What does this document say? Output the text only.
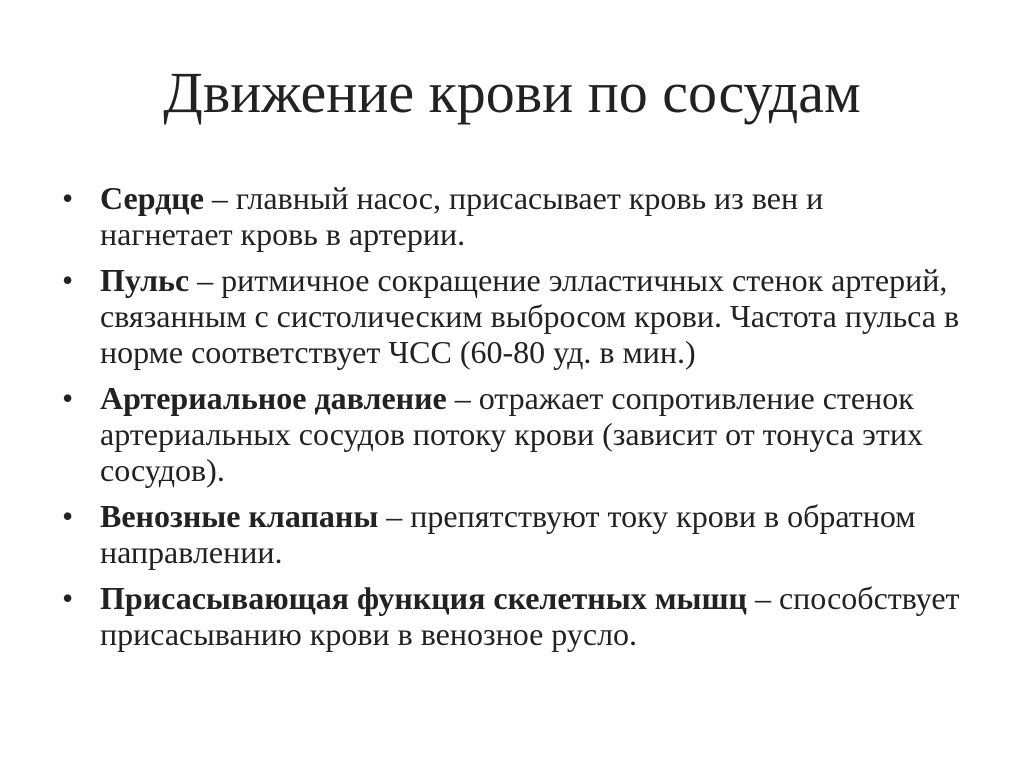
Движение крови по сосудам
• Сердце – главный насос, присасывает кровь из вен и нагнетает кровь в артерии.
• Пульс – ритмичное сокращение элластичных стенок артерий, связанным с систолическим выбросом крови. Частота пульса в норме соответствует ЧСС (60-80 уд. в мин.)
• Артериальное давление – отражает сопротивление стенок артериальных сосудов потоку крови (зависит от тонуса этих сосудов).
• Венозные клапаны – препятствуют току крови в обратном направлении.
• Присасывающая функция скелетных мышц – способствует присасыванию крови в венозное русло.
